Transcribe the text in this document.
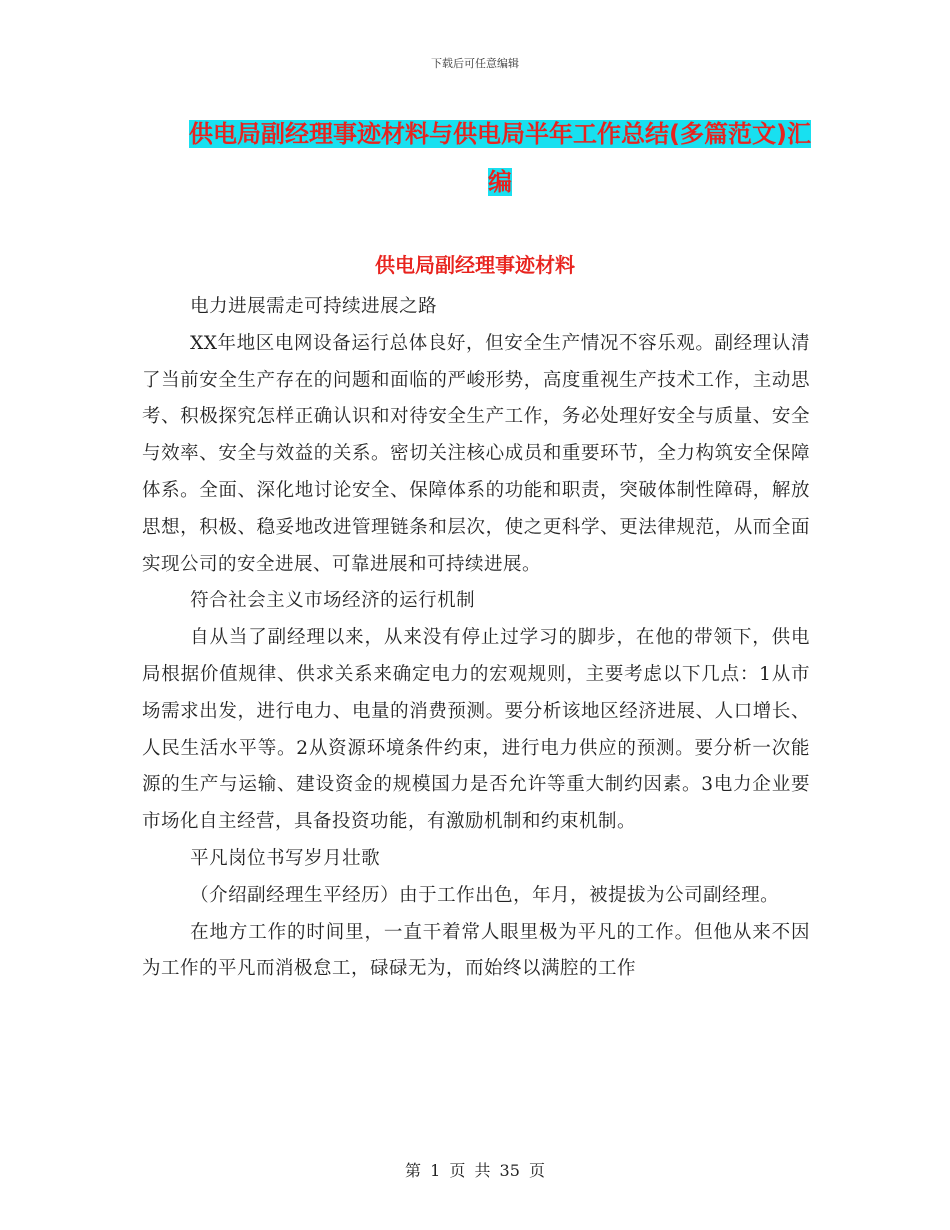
下载后可任意编辑
供电局副经理事迹材料与供电局半年工作总结(多篇范文)汇编
供电局副经理事迹材料

电力进展需走可持续进展之路

XX年地区电网设备运行总体良好，但安全生产情况不容乐观。副经理认清了当前安全生产存在的问题和面临的严峻形势，高度重视生产技术工作，主动思考、积极探究怎样正确认识和对待安全生产工作，务必处理好安全与质量、安全与效率、安全与效益的关系。密切关注核心成员和重要环节，全力构筑安全保障体系。全面、深化地讨论安全、保障体系的功能和职责，突破体制性障碍，解放思想，积极、稳妥地改进管理链条和层次，使之更科学、更法律规范，从而全面实现公司的安全进展、可靠进展和可持续进展。

符合社会主义市场经济的运行机制

自从当了副经理以来，从来没有停止过学习的脚步，在他的带领下，供电局根据价值规律、供求关系来确定电力的宏观规则，主要考虑以下几点：1从市场需求出发，进行电力、电量的消费预测。要分析该地区经济进展、人口增长、人民生活水平等。2从资源环境条件约束，进行电力供应的预测。要分析一次能源的生产与运输、建设资金的规模国力是否允许等重大制约因素。3电力企业要市场化自主经营，具备投资功能，有激励机制和约束机制。

平凡岗位书写岁月壮歌

（介绍副经理生平经历）由于工作出色，年月，被提拔为公司副经理。

在地方工作的时间里，一直干着常人眼里极为平凡的工作。但他从来不因为工作的平凡而消极怠工，碌碌无为，而始终以满腔的工作

第 1 页 共 35 页
